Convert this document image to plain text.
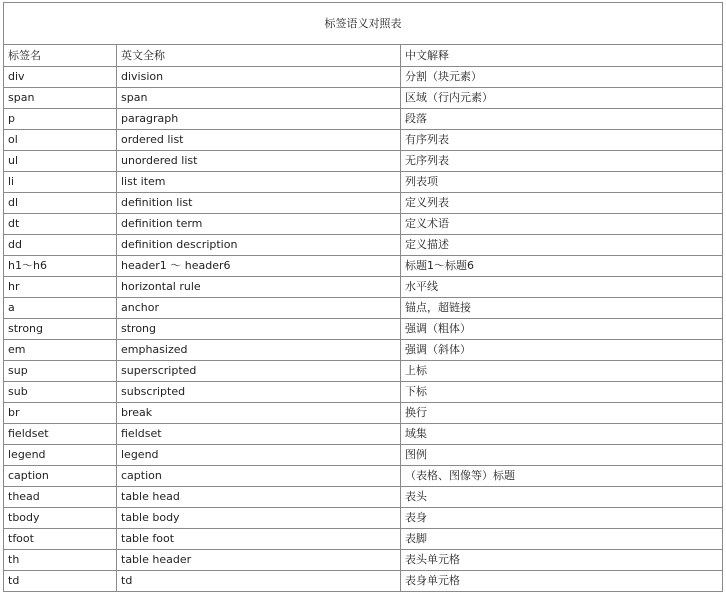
标签语义对照表		
标签名	英文全称	中文解释
div	division	分割（块元素）
span	span	区域（行内元素）
p	paragraph	段落
ol	ordered list	有序列表
ul	unordered list	无序列表
li	list item	列表项
dl	definition list	定义列表
dt	definition term	定义术语
dd	definition description	定义描述
h1～h6	header1 ～ header6	标题1～标题6
hr	horizontal rule	水平线
a	anchor	锚点，超链接
strong	strong	强调（粗体）
em	emphasized	强调（斜体）
sup	superscripted	上标
sub	subscripted	下标
br	break	换行
fieldset	fieldset	域集
legend	legend	图例
caption	caption	（表格、图像等）标题
thead	table head	表头
tbody	table body	表身
tfoot	table foot	表脚
th	table header	表头单元格
td	td	表身单元格
